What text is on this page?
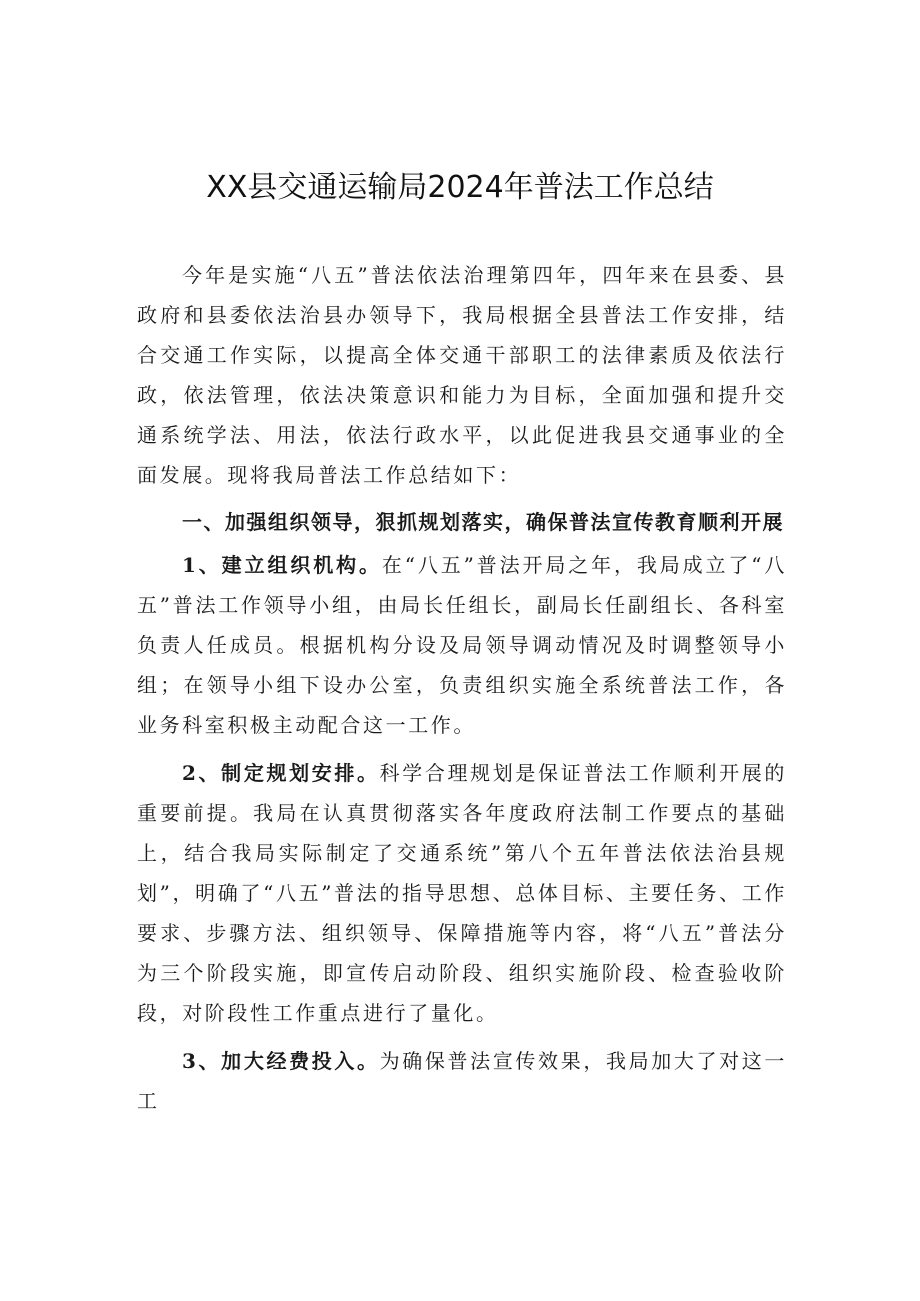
XX县交通运输局2024年普法工作总结

今年是实施“八五”普法依法治理第四年，四年来在县委、县政府和县委依法治县办领导下，我局根据全县普法工作安排，结合交通工作实际，以提高全体交通干部职工的法律素质及依法行政，依法管理，依法决策意识和能力为目标，全面加强和提升交通系统学法、用法，依法行政水平，以此促进我县交通事业的全面发展。现将我局普法工作总结如下：

一、加强组织领导，狠抓规划落实，确保普法宣传教育顺利开展

1、建立组织机构。在“八五”普法开局之年，我局成立了“八五”普法工作领导小组，由局长任组长，副局长任副组长、各科室负责人任成员。根据机构分设及局领导调动情况及时调整领导小组；在领导小组下设办公室，负责组织实施全系统普法工作，各业务科室积极主动配合这一工作。

2、制定规划安排。科学合理规划是保证普法工作顺利开展的重要前提。我局在认真贯彻落实各年度政府法制工作要点的基础上，结合我局实际制定了交通系统”第八个五年普法依法治县规划”，明确了“八五”普法的指导思想、总体目标、主要任务、工作要求、步骤方法、组织领导、保障措施等内容，将“八五”普法分为三个阶段实施，即宣传启动阶段、组织实施阶段、检查验收阶段，对阶段性工作重点进行了量化。

3、加大经费投入。为确保普法宣传效果，我局加大了对这一工
